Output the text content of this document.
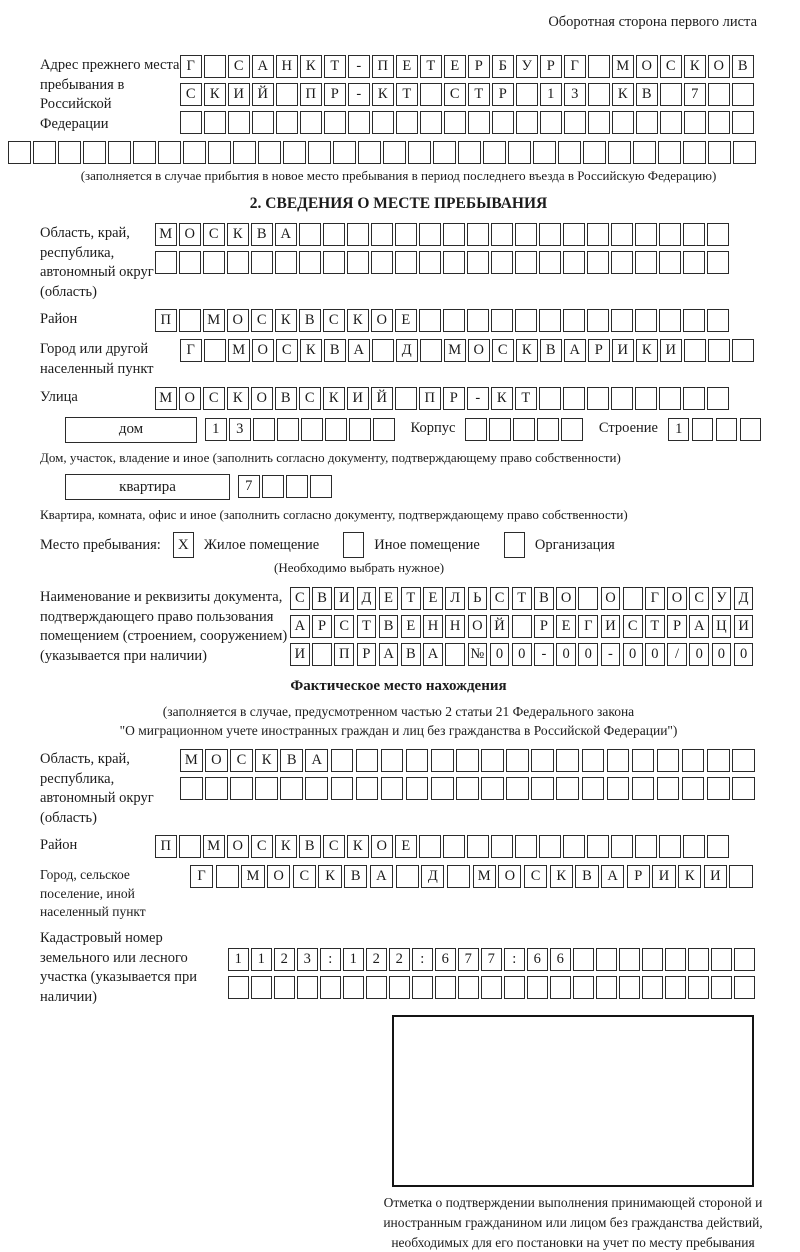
Оборотная сторона первого листа
Адрес прежнего места пребывания в Российской Федерации
Г	С А Н К	Т	-	П Е	Т	Е	Р	Б	У	Р	Г	М О С К О В
С К И Й	П	Р	-	К	Т	С	Т	Р	1	3	К В	7
(заполняется в случае прибытия в новое место пребывания в период последнего въезда в Российскую Федерацию)
2. СВЕДЕНИЯ О МЕСТЕ ПРЕБЫВАНИЯ
Область, край, республика, автономный округ (область)
М О С К В А
Район	П	М О С К В С К О Е
Город или другой населенный пункт
Г	М О С К В А	Д	М О С К В А	Р	И К И
Улица	М О С К О В С К И Й	П	Р	-	К	Т
дом	1	3	Корпус	Строение	1
Дом, участок, владение и иное (заполнить согласно документу, подтверждающему право собственности)
квартира	7
Квартира, комната, офис и иное (заполнить согласно документу, подтверждающему право собственности)
Место пребывания:	X	Жилое помещение	Иное помещение	Организация
(Необходимо выбрать нужное)
Наименование и реквизиты документа, подтверждающего право пользования помещением (строением, сооружением) (указывается при наличии)
С В И Д Е Т Е Л Ь С Т В О	О	Г О С У Д
А Р С Т В Е Н Н О Й	Р Е Г И С Т Р А Ц И
И	П Р А В А	№ 0	0	-	0	0	-	0	0	/	0	0	0
Фактическое место нахождения
(заполняется в случае, предусмотренном частью 2 статьи 21 Федерального закона
"О миграционном учете иностранных граждан и лиц без гражданства в Российской Федерации")
Область, край, республика, автономный округ (область)
М О	С	К	В	А
Район	П	М О С К В С К О Е
Город, сельское поселение, иной населенный пункт
Г	М О	С	К	В	А	Д	М О	С	К	В	А	Р	И	К	И
Кадастровый номер земельного или лесного участка (указывается при наличии)
1	1	2	3	:	1	2	2	:	6	7	7	:	6	6
Отметка о подтверждении выполнения принимающей стороной и иностранным гражданином или лицом без гражданства действий, необходимых для его постановки на учет по месту пребывания
